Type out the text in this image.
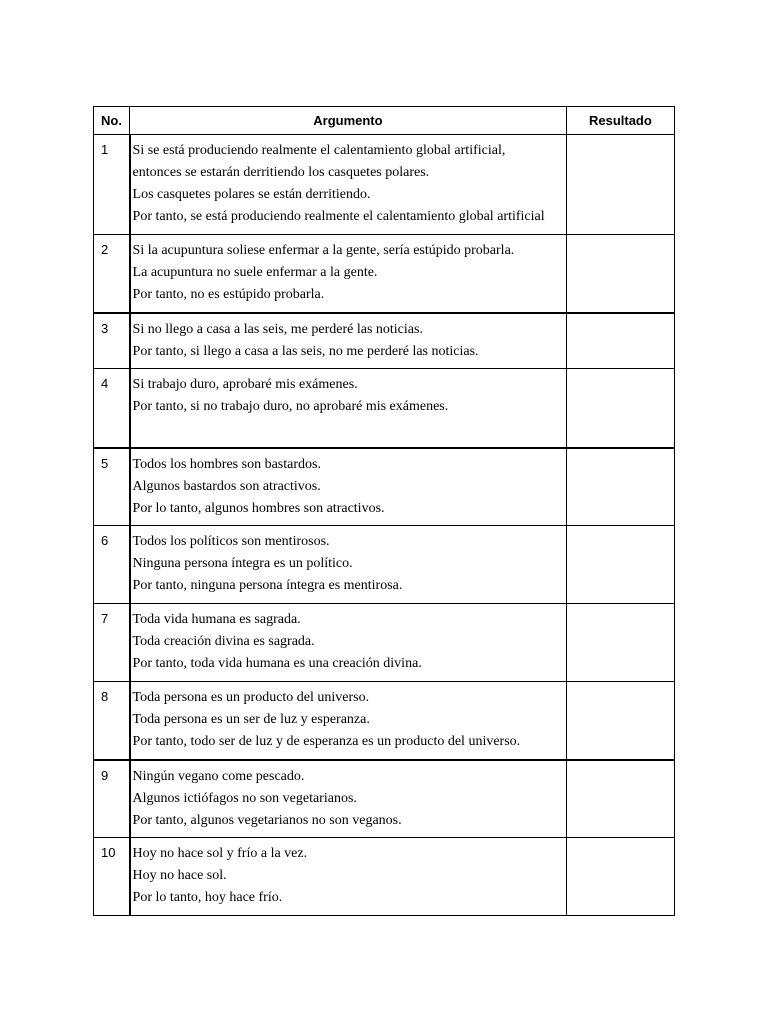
No.	Argumento	Resultado
1	Si se está produciendo realmente el calentamiento global artificial,
entonces se estarán derritiendo los casquetes polares.
Los casquetes polares se están derritiendo.
Por tanto, se está produciendo realmente el calentamiento global artificial	

2	Si la acupuntura soliese enfermar a la gente, sería estúpido probarla.
La acupuntura no suele enfermar a la gente.
Por tanto, no es estúpido probarla.	

3	Si no llego a casa a las seis, me perderé las noticias.
Por tanto, si llego a casa a las seis, no me perderé las noticias.	

4	Si trabajo duro, aprobaré mis exámenes.
Por tanto, si no trabajo duro, no aprobaré mis exámenes.	

5	Todos los hombres son bastardos.
Algunos bastardos son atractivos.
Por lo tanto, algunos hombres son atractivos.	

6	Todos los políticos son mentirosos.
Ninguna persona íntegra es un político.
Por tanto, ninguna persona íntegra es mentirosa.	

7	Toda vida humana es sagrada.
Toda creación divina es sagrada.
Por tanto, toda vida humana es una creación divina.	

8	Toda persona es un producto del universo.
Toda persona es un ser de luz y esperanza.
Por tanto, todo ser de luz y de esperanza es un producto del universo.	

9	Ningún vegano come pescado.
Algunos ictiófagos no son vegetarianos.
Por tanto, algunos vegetarianos no son veganos.	

10	Hoy no hace sol y frío a la vez.
Hoy no hace sol.
Por lo tanto, hoy hace frío.	
